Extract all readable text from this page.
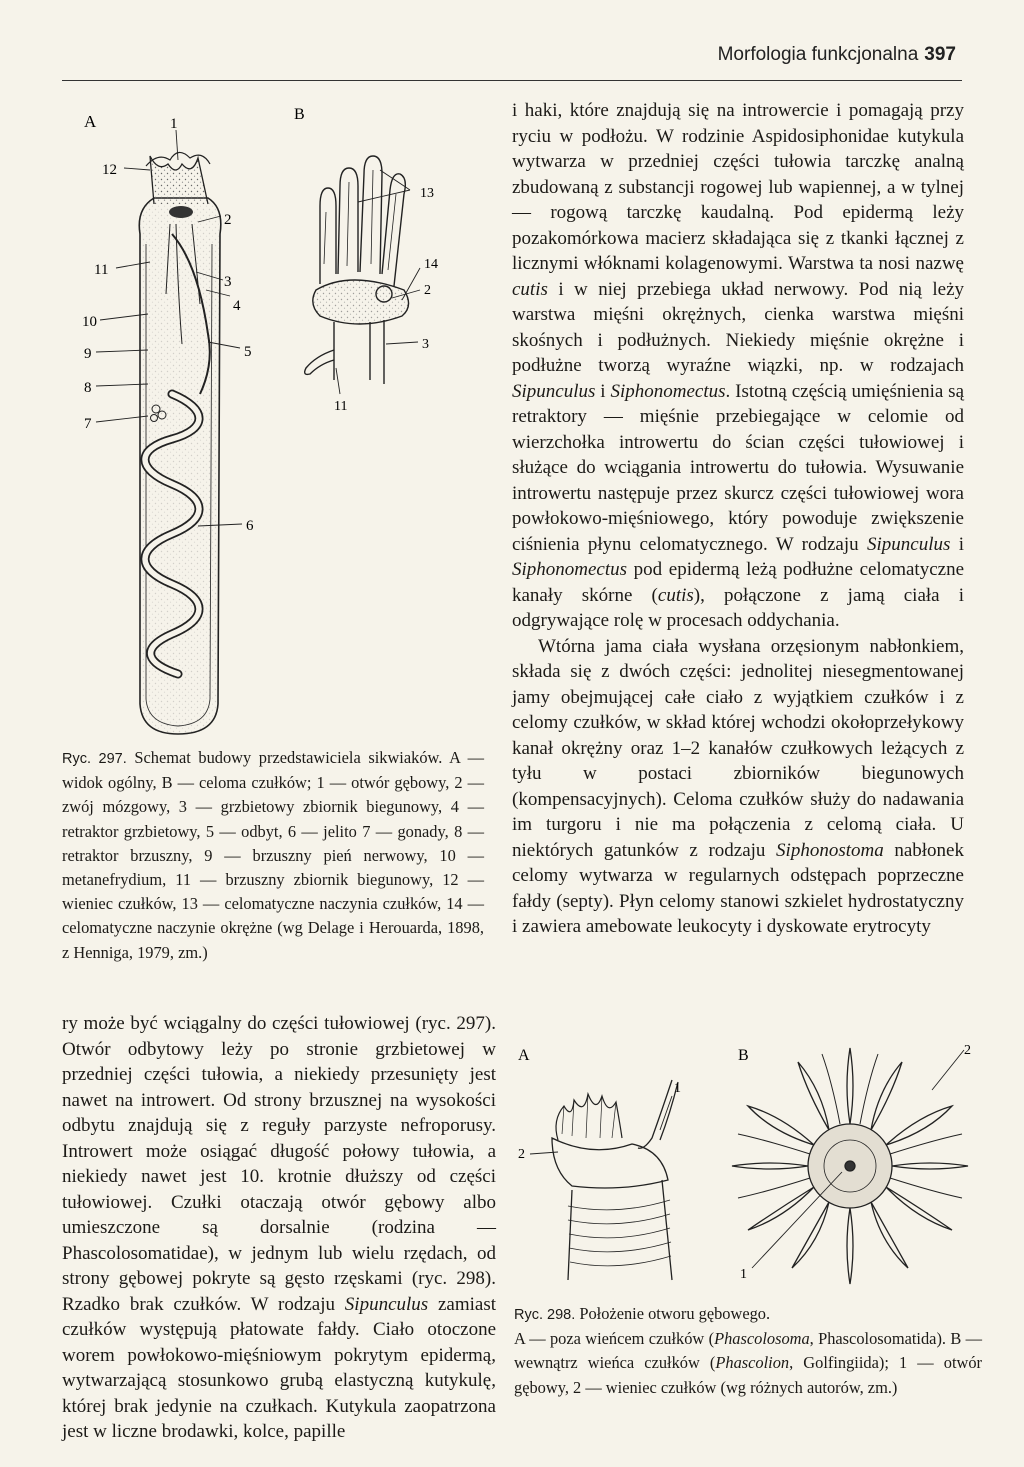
Morfologia funkcjonalna 397
A	B
1
2
3
4
5
6
7
8
9
10
11
12
13
14
2
3
11
Ryc. 297. Schemat budowy przedstawiciela sikwiaków. A — widok ogólny, B — celoma czułków; 1 — otwór gębowy, 2 — zwój mózgowy, 3 — grzbietowy zbiornik biegunowy, 4 — retraktor grzbietowy, 5 — odbyt, 6 — jelito 7 — gonady, 8 — retraktor brzuszny, 9 — brzuszny pień nerwowy, 10 — metanefrydium, 11 — brzuszny zbiornik biegunowy, 12 — wieniec czułków, 13 — celomatyczne naczynia czułków, 14 — celomatyczne naczynie okrężne (wg Delage i Herouarda, 1898, z Henniga, 1979, zm.)

ry może być wciągalny do części tułowiowej (ryc. 297). Otwór odbytowy leży po stronie grzbietowej w przedniej części tułowia, a niekiedy przesunięty jest nawet na introwert. Od strony brzusznej na wysokości odbytu znajdują się z reguły parzyste nefroporusy. Introwert może osiągać długość połowy tułowia, a niekiedy nawet jest 10. krotnie dłuższy od części tułowiowej. Czułki otaczają otwór gębowy albo umieszczone są dorsalnie (rodzina — Phascolosomatidae), w jednym lub wielu rzędach, od strony gębowej pokryte są gęsto rzęskami (ryc. 298). Rzadko brak czułków. W rodzaju Sipunculus zamiast czułków występują płatowate fałdy. Ciało otoczone worem powłokowo-mięśniowym pokrytym epidermą, wytwarzającą stosunkowo grubą elastyczną kutykulę, której brak jedynie na czułkach. Kutykula zaopatrzona jest w liczne brodawki, kolce, papille

i haki, które znajdują się na introwercie i pomagają przy ryciu w podłożu. W rodzinie Aspidosiphonidae kutykula wytwarza w przedniej części tułowia tarczkę analną zbudowaną z substancji rogowej lub wapiennej, a w tylnej — rogową tarczkę kaudalną. Pod epidermą leży pozakomórkowa macierz składająca się z tkanki łącznej z licznymi włóknami kolagenowymi. Warstwa ta nosi nazwę cutis i w niej przebiega układ nerwowy. Pod nią leży warstwa mięśni okrężnych, cienka warstwa mięśni skośnych i podłużnych. Niekiedy mięśnie okrężne i podłużne tworzą wyraźne wiązki, np. w rodzajach Sipunculus i Siphonomectus. Istotną częścią umięśnienia są retraktory — mięśnie przebiegające w celomie od wierzchołka introwertu do ścian części tułowiowej i służące do wciągania introwertu do tułowia. Wysuwanie introwertu następuje przez skurcz części tułowiowej wora powłokowo-mięśniowego, który powoduje zwiększenie ciśnienia płynu celomatycznego. W rodzaju Sipunculus i Siphonomectus pod epidermą leżą podłużne celomatyczne kanały skórne (cutis), połączone z jamą ciała i odgrywające rolę w procesach oddychania.

Wtórna jama ciała wysłana orzęsionym nabłonkiem, składa się z dwóch części: jednolitej niesegmentowanej jamy obejmującej całe ciało z wyjątkiem czułków i z celomy czułków, w skład której wchodzi okołoprzełykowy kanał okrężny oraz 1–2 kanałów czułkowych leżących z tyłu w postaci zbiorników biegunowych (kompensacyjnych). Celoma czułków służy do nadawania im turgoru i nie ma połączenia z celomą ciała. U niektórych gatunków z rodzaju Siphonostoma nabłonek celomy wytwarza w regularnych odstępach poprzeczne fałdy (septy). Płyn celomy stanowi szkielet hydrostatyczny i zawiera amebowate leukocyty i dyskowate erytrocyty

A	B
1
2
2
1
Ryc. 298. Położenie otworu gębowego.
A — poza wieńcem czułków (Phascolosoma, Phascolosomatida). B — wewnątrz wieńca czułków (Phascolion, Golfingiida); 1 — otwór gębowy, 2 — wieniec czułków (wg różnych autorów, zm.)
